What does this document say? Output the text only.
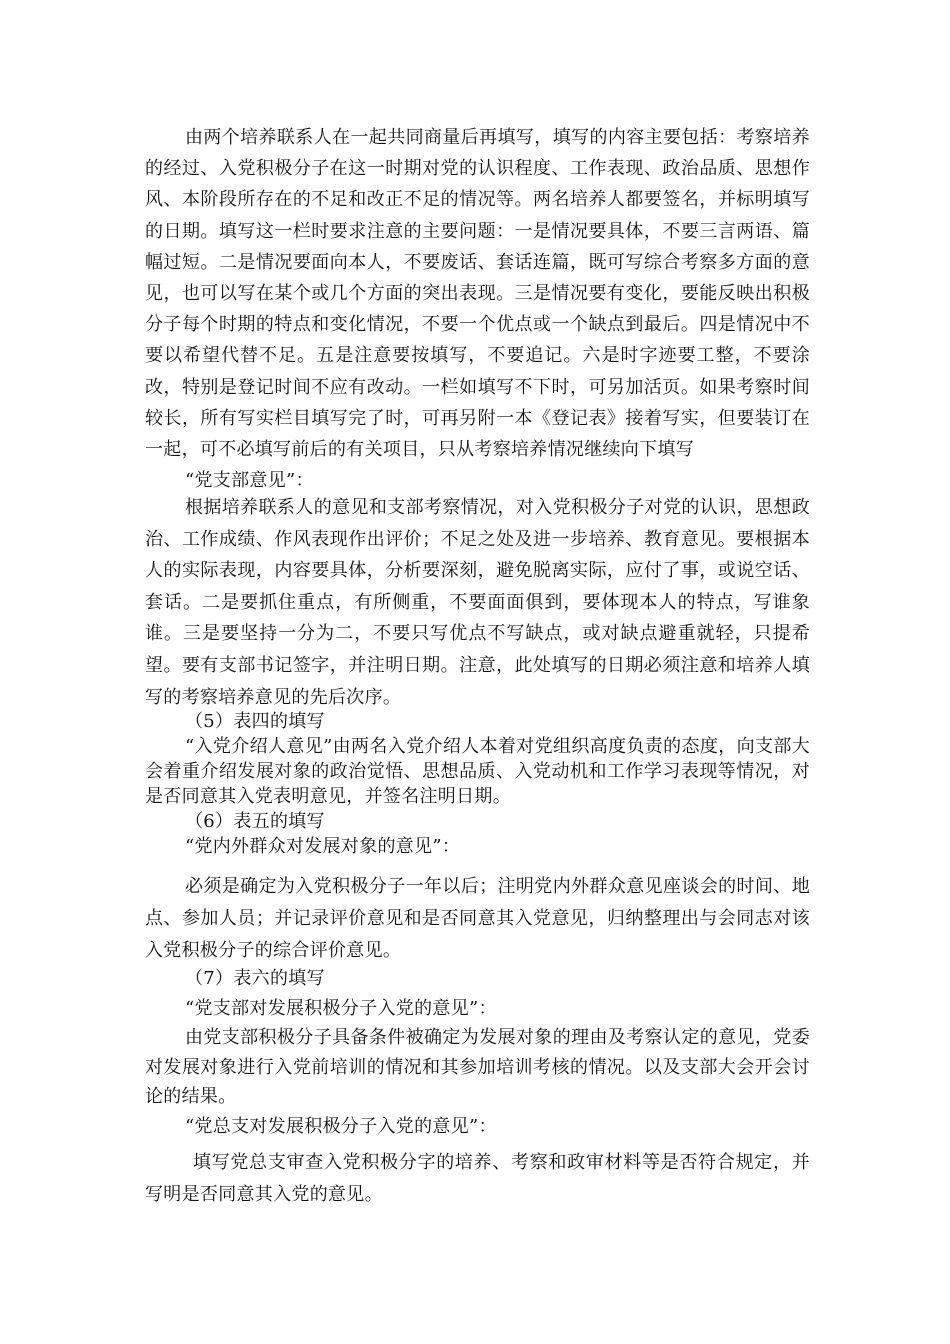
由两个培养联系人在一起共同商量后再填写，填写的内容主要包括：考察培养的经过、入党积极分子在这一时期对党的认识程度、工作表现、政治品质、思想作风、本阶段所存在的不足和改正不足的情况等。两名培养人都要签名，并标明填写的日期。填写这一栏时要求注意的主要问题：一是情况要具体，不要三言两语、篇幅过短。二是情况要面向本人，不要废话、套话连篇，既可写综合考察多方面的意见，也可以写在某个或几个方面的突出表现。三是情况要有变化，要能反映出积极分子每个时期的特点和变化情况，不要一个优点或一个缺点到最后。四是情况中不要以希望代替不足。五是注意要按填写，不要追记。六是时字迹要工整，不要涂改，特别是登记时间不应有改动。一栏如填写不下时，可另加活页。如果考察时间较长，所有写实栏目填写完了时，可再另附一本《登记表》接着写实，但要装订在一起，可不必填写前后的有关项目，只从考察培养情况继续向下填写
“党支部意见”：

根据培养联系人的意见和支部考察情况，对入党积极分子对党的认识，思想政治、工作成绩、作风表现作出评价；不足之处及进一步培养、教育意见。要根据本人的实际表现，内容要具体，分析要深刻，避免脱离实际，应付了事，或说空话、套话。二是要抓住重点，有所侧重，不要面面俱到，要体现本人的特点，写谁象谁。三是要坚持一分为二，不要只写优点不写缺点，或对缺点避重就轻，只提希望。要有支部书记签字，并注明日期。注意，此处填写的日期必须注意和培养人填写的考察培养意见的先后次序。

（5）表四的填写
“入党介绍人意见”由两名入党介绍人本着对党组织高度负责的态度，向支部大会着重介绍发展对象的政治觉悟、思想品质、入党动机和工作学习表现等情况，对是否同意其入党表明意见，并签名注明日期。
（6）表五的填写
“党内外群众对发展对象的意见”：

必须是确定为入党积极分子一年以后；注明党内外群众意见座谈会的时间、地点、参加人员；并记录评价意见和是否同意其入党意见，归纳整理出与会同志对该入党积极分子的综合评价意见。

（7）表六的填写
“党支部对发展积极分子入党的意见”：
由党支部积极分子具备条件被确定为发展对象的理由及考察认定的意见，党委对发展对象进行入党前培训的情况和其参加培训考核的情况。以及支部大会开会讨论的结果。
“党总支对发展积极分子入党的意见”：

填写党总支审查入党积极分字的培养、考察和政审材料等是否符合规定，并写明是否同意其入党的意见。
